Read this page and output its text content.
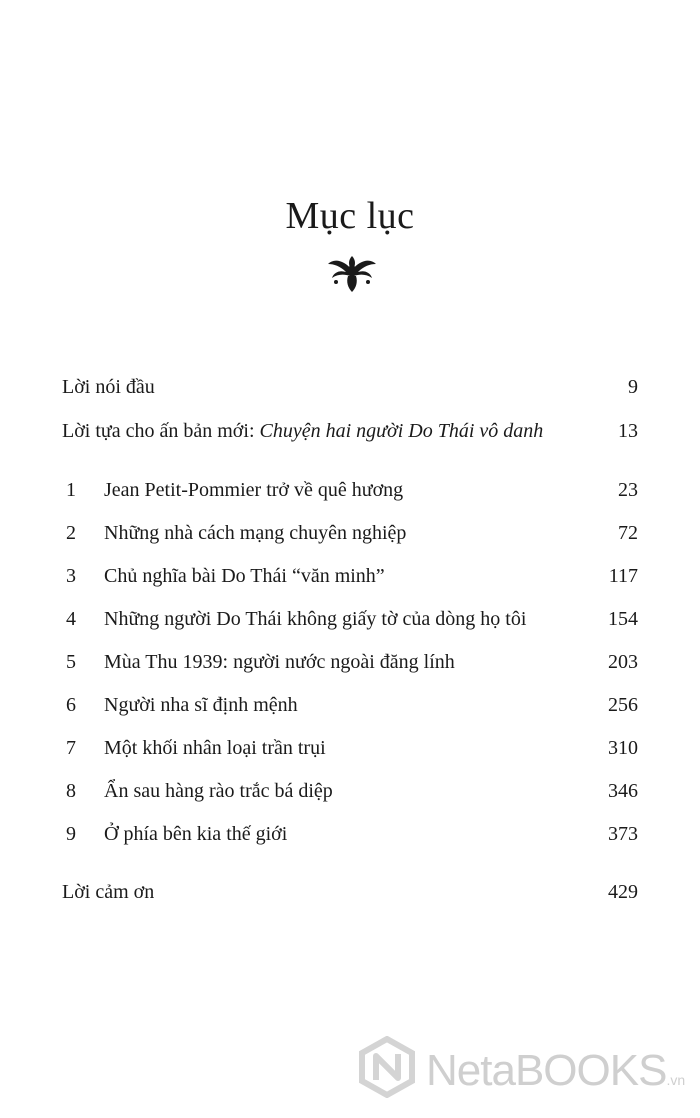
Mục lục
Lời nói đầu	9
Lời tựa cho ấn bản mới: Chuyện hai người Do Thái vô danh	13
1 Jean Petit-Pommier trở về quê hương	23
2 Những nhà cách mạng chuyên nghiệp	72
3 Chủ nghĩa bài Do Thái “văn minh”	117
4 Những người Do Thái không giấy tờ của dòng họ tôi	154
5 Mùa Thu 1939: người nước ngoài đăng lính	203
6 Người nha sĩ định mệnh	256
7 Một khối nhân loại trần trụi	310
8 Ẩn sau hàng rào trắc bá diệp	346
9 Ở phía bên kia thế giới	373
Lời cảm ơn	429
NetaBOOKS.vn
